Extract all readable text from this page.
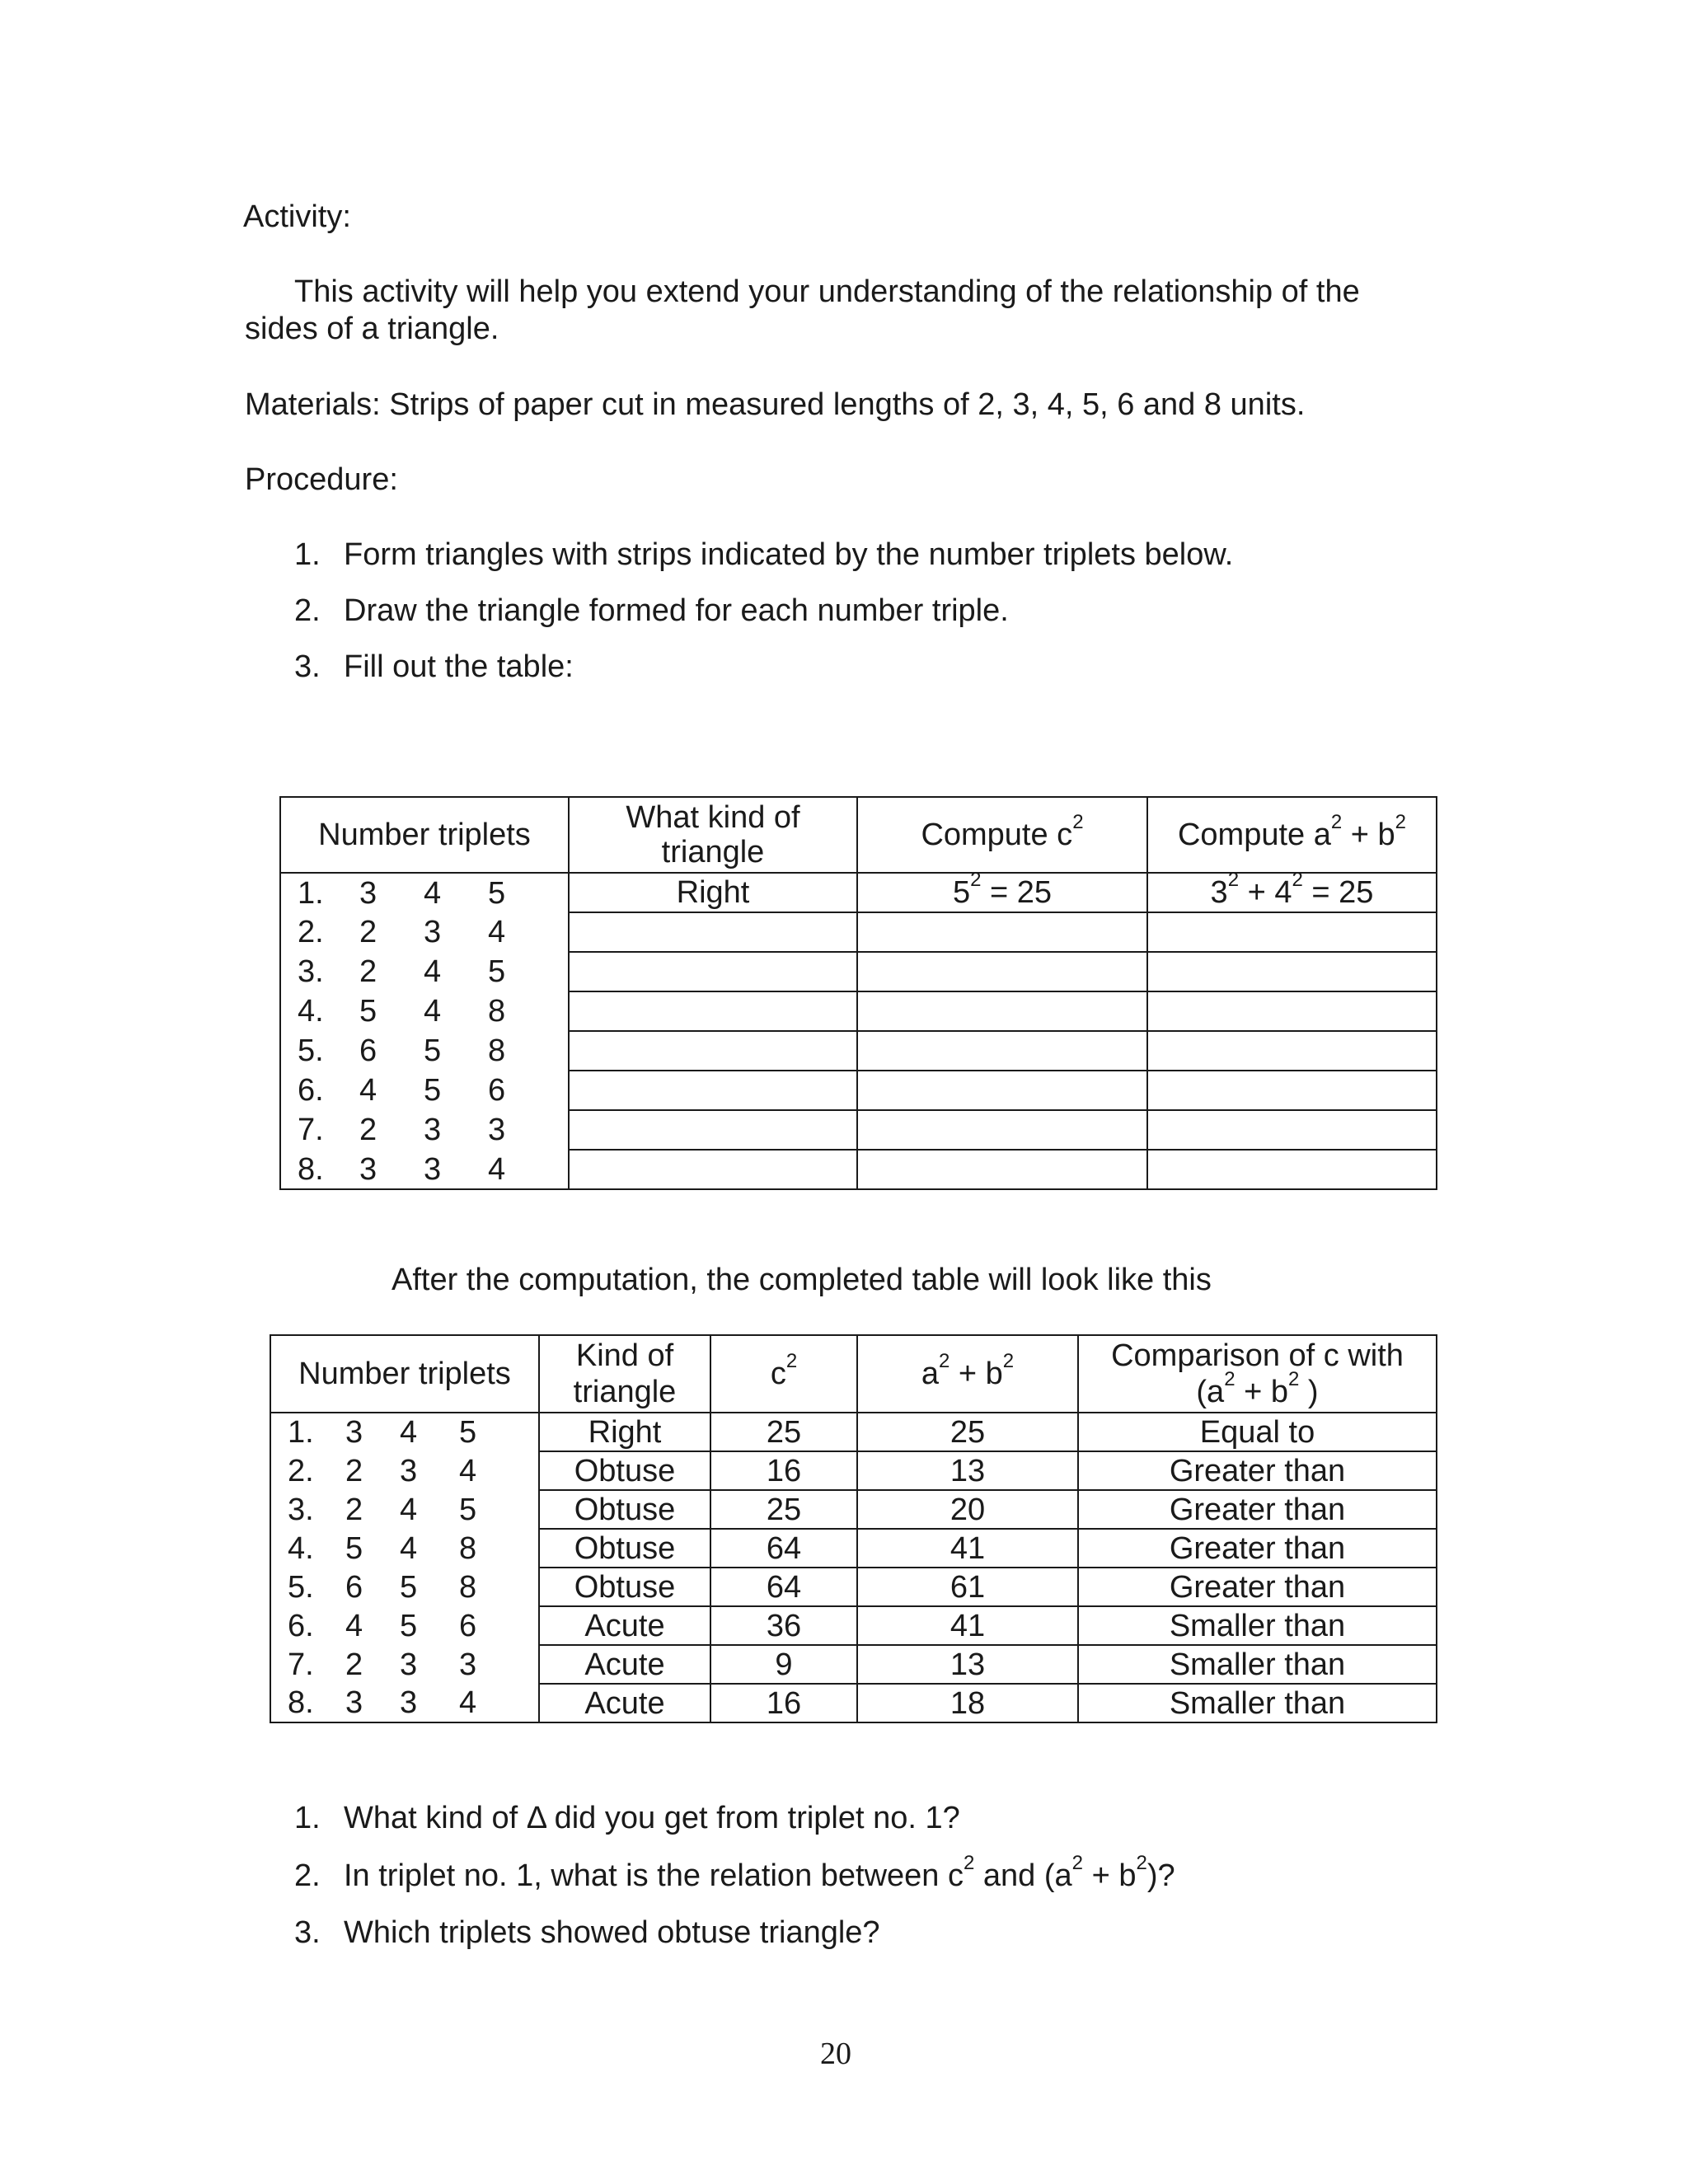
Activity:
This activity will help you extend your understanding of the relationship of the
sides of a triangle.
Materials: Strips of paper cut in measured lengths of 2, 3, 4, 5, 6 and 8 units.
Procedure:
1. Form triangles with strips indicated by the number triplets below.
2. Draw the triangle formed for each number triple.
3. Fill out the table:
Number triplets	What kind of
triangle	Compute $c^2$	Compute $a^2 + b^2$
1. 3 4 5	Right	$5^2 = 25$	$3^2 + 4^2 = 25$
2. 2 3 4			
3. 2 4 5			
4. 5 4 8			
5. 6 5 8			
6. 4 5 6			
7. 2 3 3			
8. 3 3 4			
After the computation, the completed table will look like this
Number triplets	Kind of
triangle	$c^2$	$a^2 + b^2$	Comparison of c with
($a^2 + b^2$ )
1. 3 4 5	Right	25	25	Equal to
2. 2 3 4	Obtuse	16	13	Greater than
3. 2 4 5	Obtuse	25	20	Greater than
4. 5 4 8	Obtuse	64	41	Greater than
5. 6 5 8	Obtuse	64	61	Greater than
6. 4 5 6	Acute	36	41	Smaller than
7. 2 3 3	Acute	9	13	Smaller than
8. 3 3 4	Acute	16	18	Smaller than
1. What kind of Δ did you get from triplet no. 1?
2. In triplet no. 1, what is the relation between $c^2$ and $(a^2 + b^2)$?
3. Which triplets showed obtuse triangle?
20
